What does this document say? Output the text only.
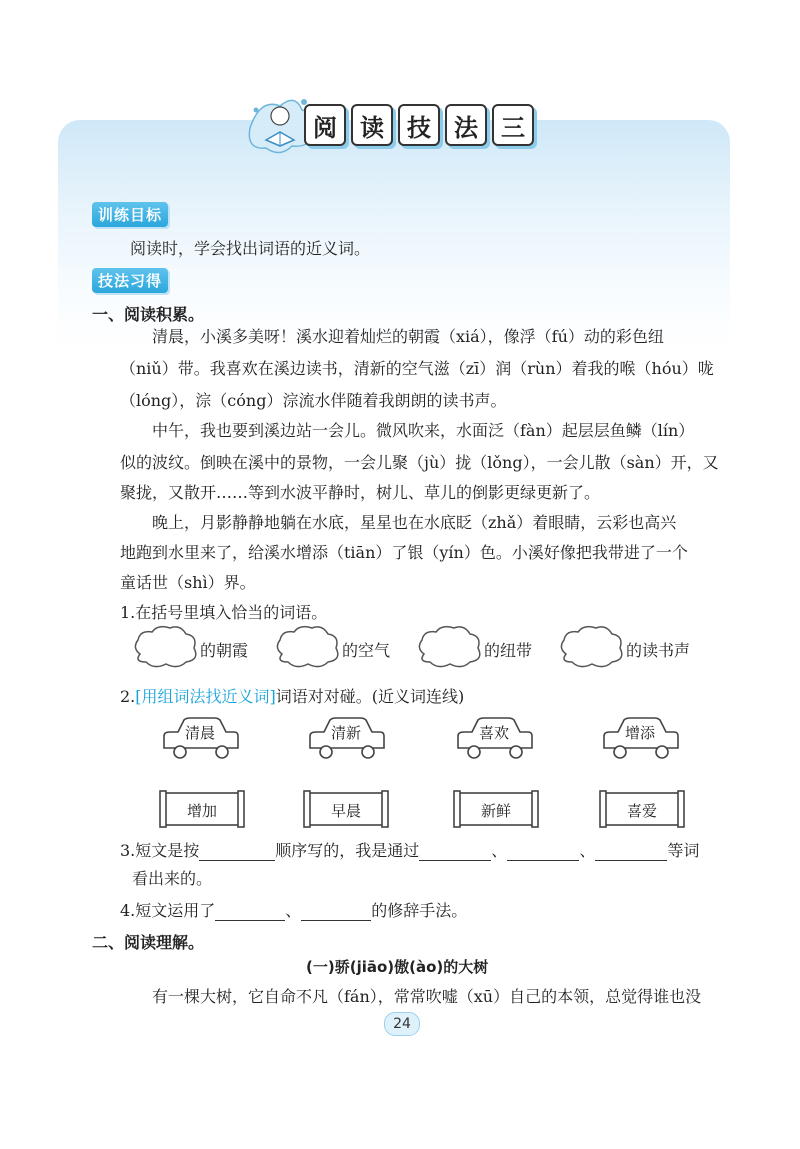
阅 读 技 法 三
训练目标
阅读时，学会找出词语的近义词。
技法习得
一、阅读积累。
清晨，小溪多美呀！溪水迎着灿烂的朝霞（xiá），像浮（fú）动的彩色纽
（niǔ）带。我喜欢在溪边读书，清新的空气滋（zī）润（rùn）着我的喉（hóu）咙
（lóng），淙（cóng）淙流水伴随着我朗朗的读书声。
中午，我也要到溪边站一会儿。微风吹来，水面泛（fàn）起层层鱼鳞（lín）
似的波纹。倒映在溪中的景物，一会儿聚（jù）拢（lǒng），一会儿散（sàn）开，又
聚拢，又散开……等到水波平静时，树儿、草儿的倒影更绿更新了。
晚上，月影静静地躺在水底，星星也在水底眨（zhǎ）着眼睛，云彩也高兴
地跑到水里来了，给溪水增添（tiān）了银（yín）色。小溪好像把我带进了一个
童话世（shì）界。
1.在括号里填入恰当的词语。
的朝霞	的空气	的纽带	的读书声
2.[用组词法找近义词]词语对对碰。(近义词连线)
清晨	清新	喜欢	增添
增加	早晨	新鲜	喜爱
3.短文是按	顺序写的，我是通过	、	、	等词
看出来的。
4.短文运用了	、	的修辞手法。
二、阅读理解。
(一)骄(jiāo)傲(ào)的大树
有一棵大树，它自命不凡（fán），常常吹嘘（xū）自己的本领，总觉得谁也没
24
